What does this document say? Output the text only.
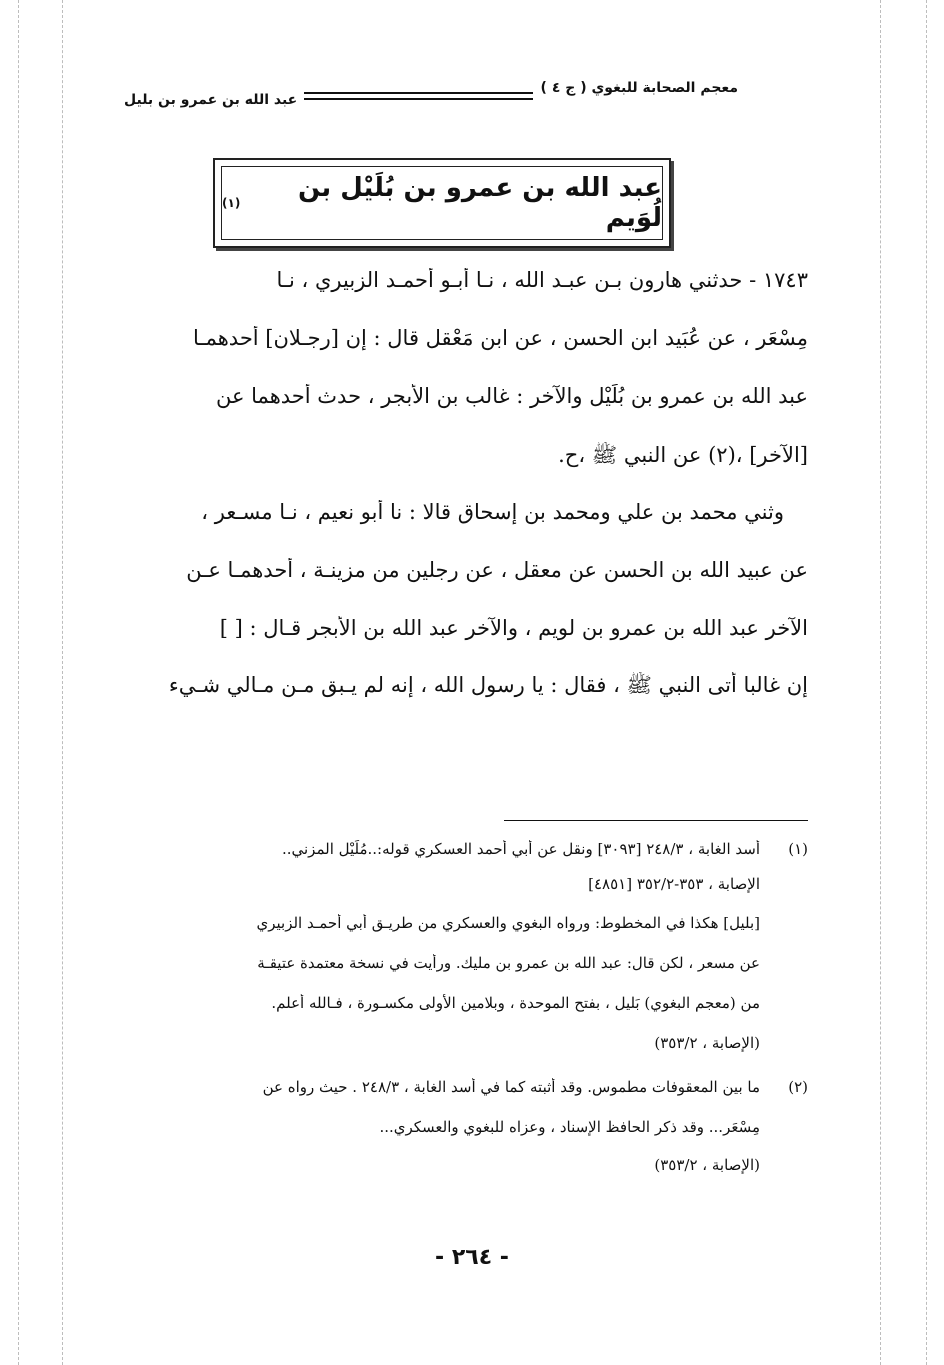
معجم الصحابة للبغوي ( ج ٤ )
عبد الله بن عمرو بن بليل
عبد الله بن عمرو بن بُلَيْل بن لُوَيم
(١)
١٧٤٣ - حدثني هارون بـن عبـد الله ، نـا أبـو أحمـد الزبيري ، نـا
مِسْعَر ، عن عُبَيد ابن الحسن ، عن ابن مَعْقل قال : إن [رجـلان] أحدهمـا
عبد الله بن عمرو بن بُلَيْل والآخر : غالب بن الأبجر ، حدث أحدهما عن
[الآخر] ،(٢) عن النبي ﷺ ،ح.
وثني محمد بن علي ومحمد بن إسحاق قالا : نا أبو نعيم ، نـا مسـعر ،
عن عبيد الله بن الحسن عن معقل ، عن رجلين من مزينـة ، أحدهمـا عـن
الآخر عبد الله بن عمرو بن لويم ، والآخر عبد الله بن الأبجر قـال : [ ]
إن غالبا أتى النبي ﷺ ، فقال : يا رسول الله ، إنه لم يـبق مـن مـالي شـيء
(١)
أسد الغابة ، ٢٤٨/٣ [٣٠٩٣] ونقل عن أبي أحمد العسكري قوله:..مُلَيْل المزني..
الإصابة ، ٣٥٣-٣٥٢/٢ [٤٨٥١]
[بليل] هكذا في المخطوط: ورواه البغوي والعسكري من طريـق أبي أحمـد الزبيري
عن مسعر ، لكن قال: عبد الله بن عمرو بن مليك. ورأيت في نسخة معتمدة عتيقـة
من (معجم البغوي) بَليل ، بفتح الموحدة ، وبلامين الأولى مكسـورة ، فـالله أعلم.
(الإصابة ، ٣٥٣/٢)
(٢)
ما بين المعقوفات مطموس. وقد أثبته كما في أسد الغابة ، ٢٤٨/٣ . حيث رواه عن
مِسْعَر... وقد ذكر الحافظ الإسناد ، وعزاه للبغوي والعسكري...
(الإصابة ، ٣٥٣/٢)
- ٢٦٤ -
